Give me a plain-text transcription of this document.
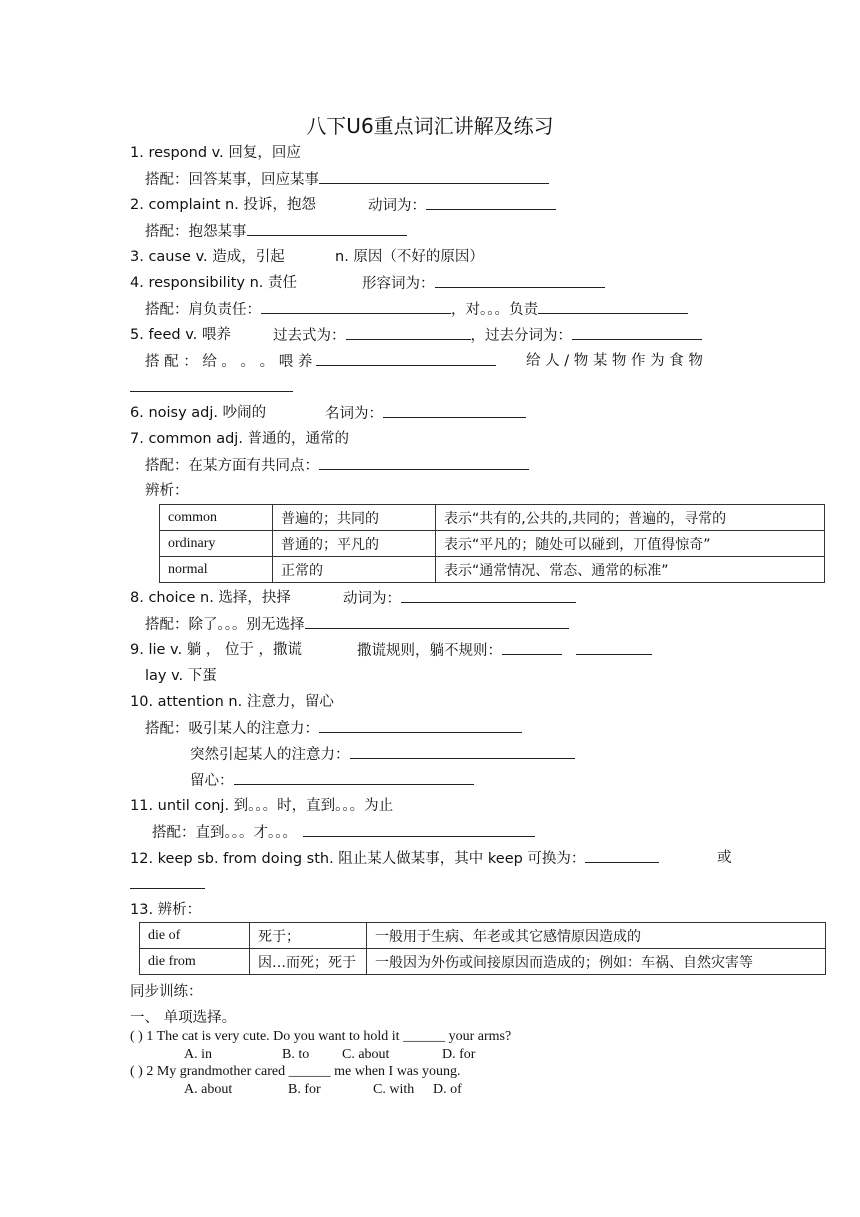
八下U6重点词汇讲解及练习
1. respond v. 回复，回应
搭配：回答某事，回应某事
2. complaint n. 投诉，抱怨	动词为：
搭配：抱怨某事
3. cause v. 造成，引起	n. 原因（不好的原因）
4. responsibility n. 责任	形容词为：
搭配：肩负责任：	，对。。。负责
5. feed v. 喂养	过去式为：	，过去分词为：
搭 配 ： 给 。 。 。 喂 养	给 人 / 物 某 物 作 为 食 物
6. noisy adj. 吵闹的	名词为：
7. common adj. 普通的，通常的
搭配：在某方面有共同点：
辨析：
common	普遍的；共同的	表示“共有的,公共的,共同的；普遍的，寻常的
ordinary	普通的；平凡的	表示“平凡的；随处可以碰到，丌值得惊奇”
normal	正常的	表示“通常情况、常态、通常的标准”
8. choice n. 选择，抉择	动词为：
搭配：除了。。。别无选择
9. lie v. 躺 ， 位于 ，撒谎	撒谎规则，躺不规则：
lay v. 下蛋
10. attention n. 注意力，留心
搭配：吸引某人的注意力：
突然引起某人的注意力：
留心：
11. until conj. 到。。。时，直到。。。为止
搭配：直到。。。才。。。
12. keep sb. from doing sth. 阻止某人做某事，其中 keep 可换为：	或
13. 辨析：
die of	死于；	一般用于生病、年老或其它感情原因造成的
die from	因…而死；死于	一般因为外伤或间接原因而造成的；例如：车祸、自然灾害等
同步训练：
一、 单项选择。
( ) 1 The cat is very cute. Do you want to hold it ______ your arms?
A. in	B. to C. about	D. for
( ) 2 My grandmother cared ______ me when I was young.
A. about	B. for	C. with D. of
